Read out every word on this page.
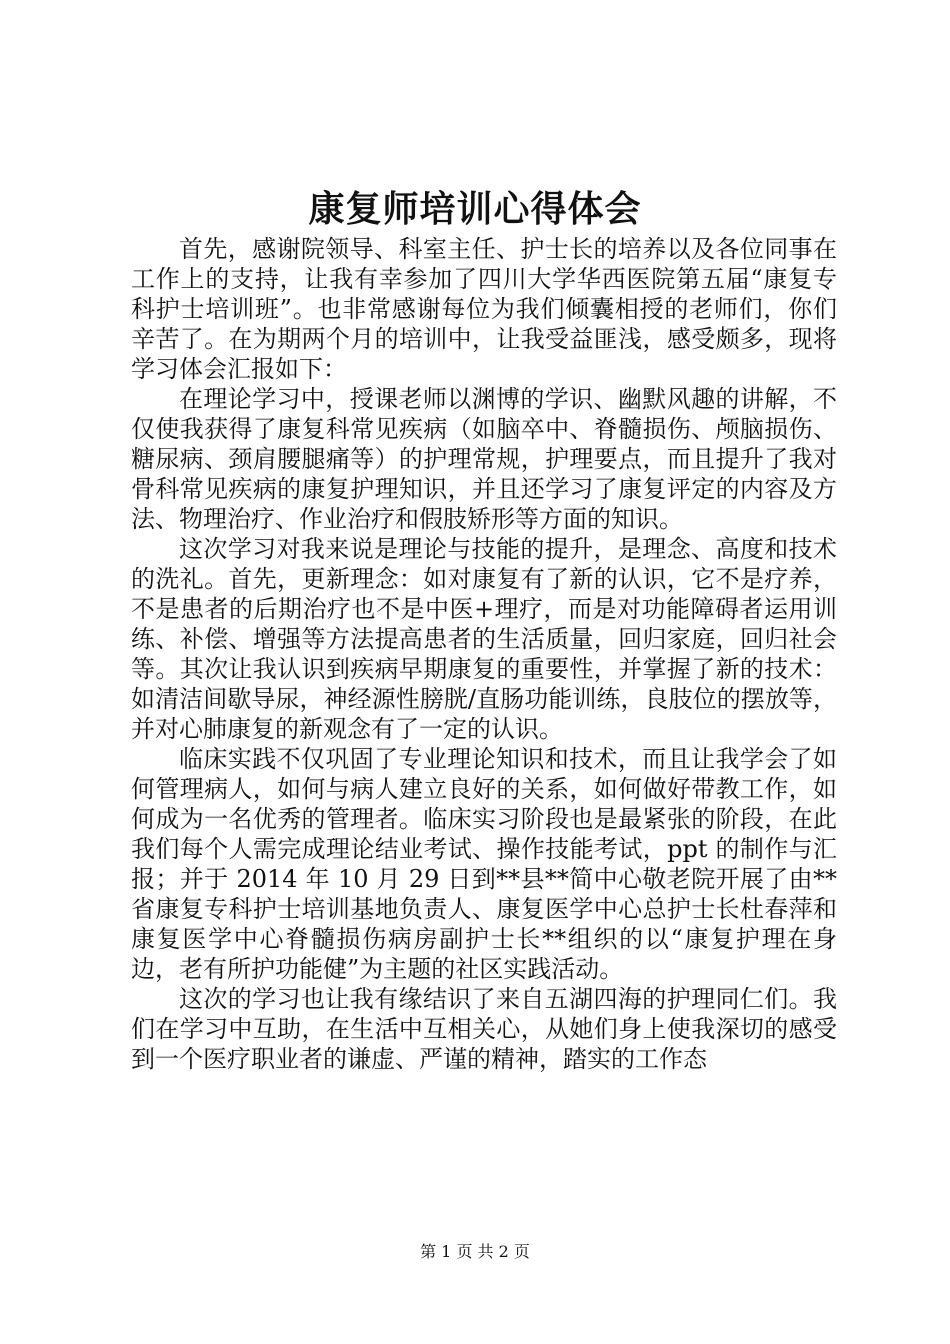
康复师培训心得体会

首先，感谢院领导、科室主任、护士长的培养以及各位同事在工作上的支持，让我有幸参加了四川大学华西医院第五届“康复专科护士培训班”。也非常感谢每位为我们倾囊相授的老师们，你们辛苦了。在为期两个月的培训中，让我受益匪浅，感受颇多，现将学习体会汇报如下：

在理论学习中，授课老师以渊博的学识、幽默风趣的讲解，不仅使我获得了康复科常见疾病（如脑卒中、脊髓损伤、颅脑损伤、糖尿病、颈肩腰腿痛等）的护理常规，护理要点，而且提升了我对骨科常见疾病的康复护理知识，并且还学习了康复评定的内容及方法、物理治疗、作业治疗和假肢矫形等方面的知识。

这次学习对我来说是理论与技能的提升，是理念、高度和技术的洗礼。首先，更新理念：如对康复有了新的认识，它不是疗养，不是患者的后期治疗也不是中医+理疗，而是对功能障碍者运用训练、补偿、增强等方法提高患者的生活质量，回归家庭，回归社会等。其次让我认识到疾病早期康复的重要性，并掌握了新的技术：如清洁间歇导尿，神经源性膀胱/直肠功能训练，良肢位的摆放等，并对心肺康复的新观念有了一定的认识。

临床实践不仅巩固了专业理论知识和技术，而且让我学会了如何管理病人，如何与病人建立良好的关系，如何做好带教工作，如何成为一名优秀的管理者。临床实习阶段也是最紧张的阶段，在此我们每个人需完成理论结业考试、操作技能考试，ppt 的制作与汇报；并于 2014 年 10 月 29 日到**县**简中心敬老院开展了由**省康复专科护士培训基地负责人、康复医学中心总护士长杜春萍和康复医学中心脊髓损伤病房副护士长**组织的以“康复护理在身边，老有所护功能健”为主题的社区实践活动。

这次的学习也让我有缘结识了来自五湖四海的护理同仁们。我们在学习中互助，在生活中互相关心，从她们身上使我深切的感受到一个医疗职业者的谦虚、严谨的精神，踏实的工作态

第 1 页 共 2 页
